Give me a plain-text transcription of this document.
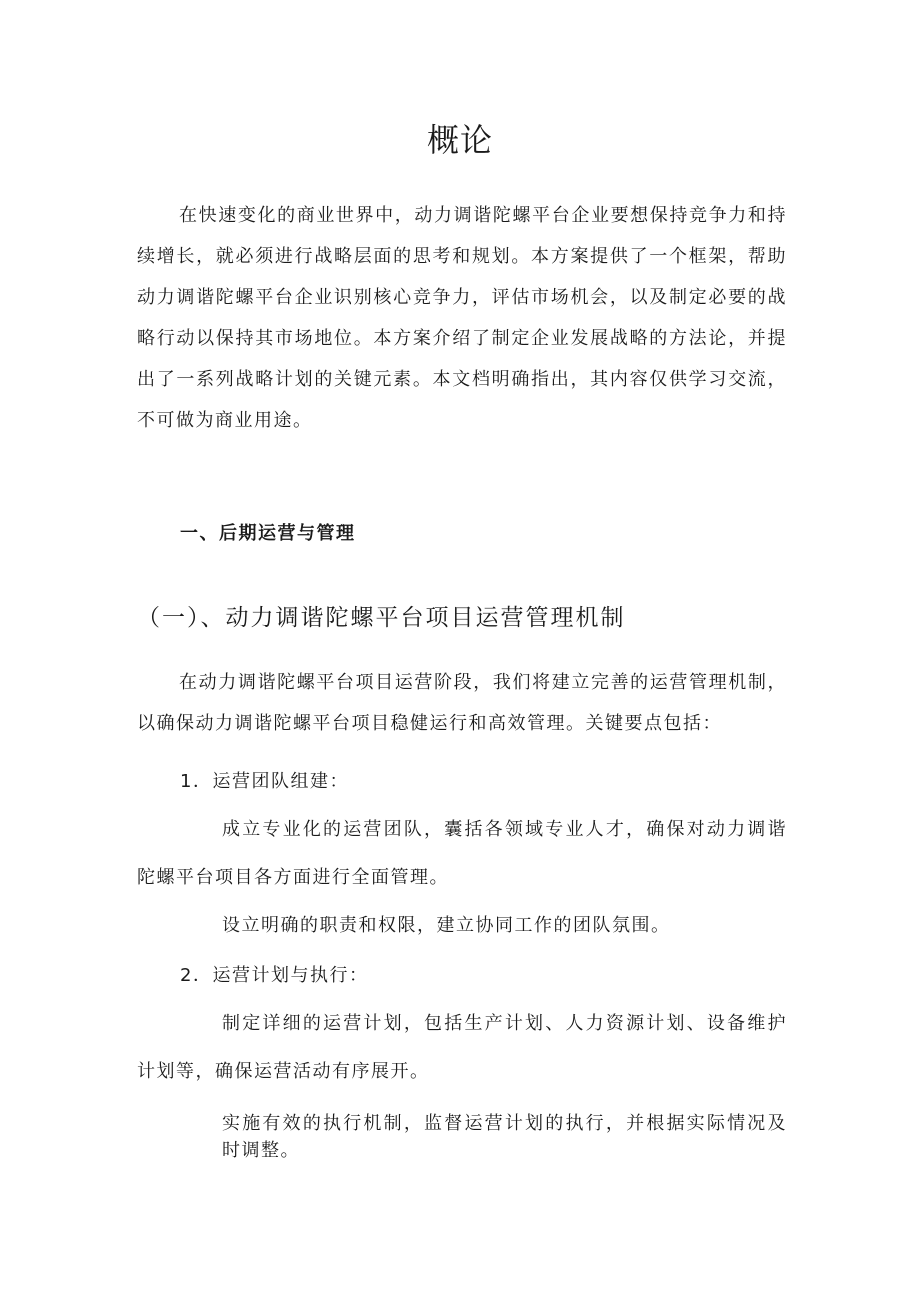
概论

在快速变化的商业世界中，动力调谐陀螺平台企业要想保持竞争力和持续增长，就必须进行战略层面的思考和规划。本方案提供了一个框架，帮助动力调谐陀螺平台企业识别核心竞争力，评估市场机会，以及制定必要的战略行动以保持其市场地位。本方案介绍了制定企业发展战略的方法论，并提出了一系列战略计划的关键元素。本文档明确指出，其内容仅供学习交流，不可做为商业用途。

一、后期运营与管理
（一）、动力调谐陀螺平台项目运营管理机制

在动力调谐陀螺平台项目运营阶段，我们将建立完善的运营管理机制，以确保动力调谐陀螺平台项目稳健运行和高效管理。关键要点包括：

1．运营团队组建：

成立专业化的运营团队，囊括各领域专业人才，确保对动力调谐陀螺平台项目各方面进行全面管理。

设立明确的职责和权限，建立协同工作的团队氛围。

2．运营计划与执行：

制定详细的运营计划，包括生产计划、人力资源计划、设备维护计划等，确保运营活动有序展开。

实施有效的执行机制，监督运营计划的执行，并根据实际情况及时调整。
